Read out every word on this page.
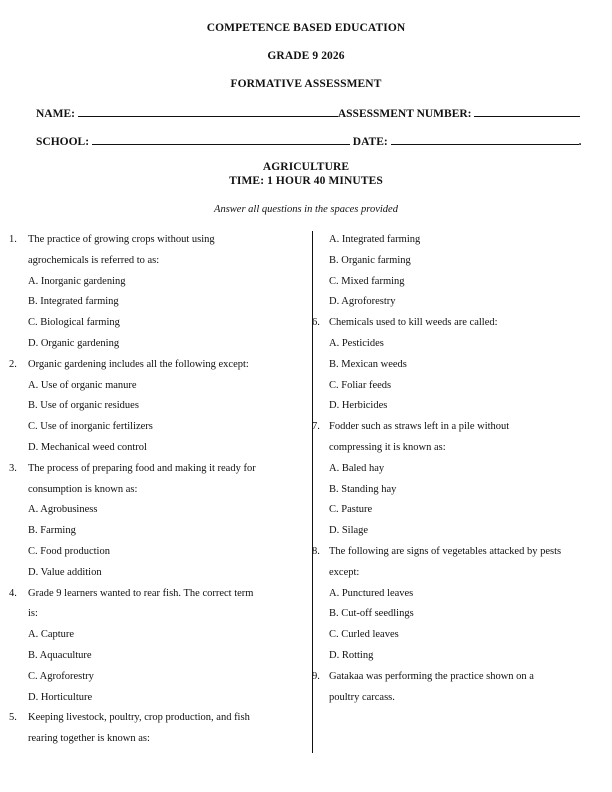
COMPETENCE BASED EDUCATION
GRADE 9 2026
FORMATIVE ASSESSMENT
NAME:	ASSESSMENT NUMBER:
SCHOOL:	DATE:	.
AGRICULTURE
TIME: 1 HOUR 40 MINUTES
Answer all questions in the spaces provided
1. The practice of growing crops without using
agrochemicals is referred to as:
A. Inorganic gardening
B. Integrated farming
C. Biological farming
D. Organic gardening
2. Organic gardening includes all the following except:
A. Use of organic manure
B. Use of organic residues
C. Use of inorganic fertilizers
D. Mechanical weed control
3. The process of preparing food and making it ready for
consumption is known as:
A. Agrobusiness
B. Farming
C. Food production
D. Value addition
4. Grade 9 learners wanted to rear fish. The correct term
is:
A. Capture
B. Aquaculture
C. Agroforestry
D. Horticulture
5. Keeping livestock, poultry, crop production, and fish
rearing together is known as:
A. Integrated farming
B. Organic farming
C. Mixed farming
D. Agroforestry
6. Chemicals used to kill weeds are called:
A. Pesticides
B. Mexican weeds
C. Foliar feeds
D. Herbicides
7. Fodder such as straws left in a pile without
compressing it is known as:
A. Baled hay
B. Standing hay
C. Pasture
D. Silage
8. The following are signs of vegetables attacked by pests
except:
A. Punctured leaves
B. Cut-off seedlings
C. Curled leaves
D. Rotting
9. Gatakaa was performing the practice shown on a
poultry carcass.
